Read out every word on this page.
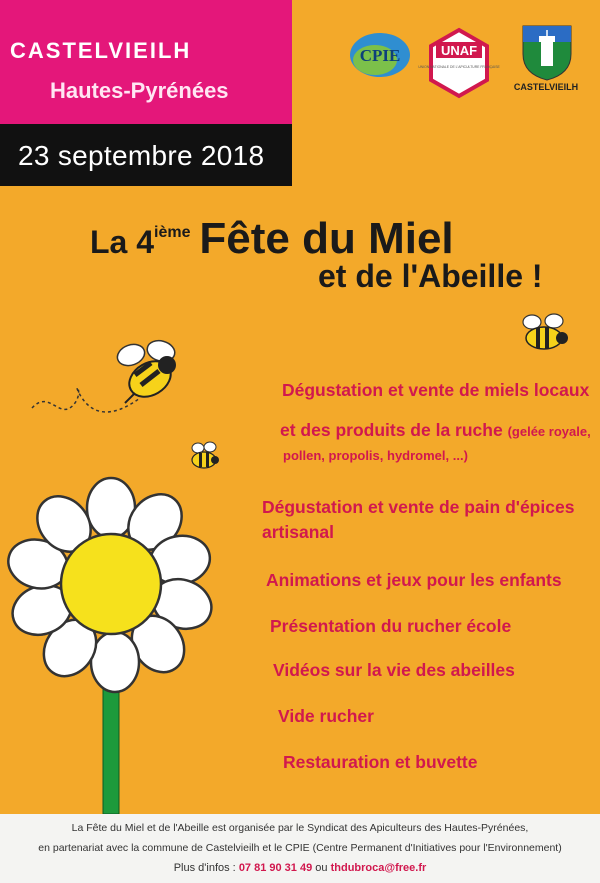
CASTELVIEILH
Hautes-Pyrénées
23 septembre 2018
CPIE	UNAF
UNION NATIONALE DE L'APICULTURE FRANÇAISE
CASTELVIEILH
La 4ième Fête du Miel
et de l'Abeille !
Dégustation et vente de miels locaux
et des produits de la ruche (gelée royale,
pollen, propolis, hydromel, ...)
Dégustation et vente de pain d'épices
artisanal
Animations et jeux pour les enfants
Présentation du rucher école
Vidéos sur la vie des abeilles
Vide rucher
Restauration et buvette
La Fête du Miel et de l'Abeille est organisée par le Syndicat des Apiculteurs des Hautes-Pyrénées,
en partenariat avec la commune de Castelvieilh et le CPIE (Centre Permanent d'Initiatives pour l'Environnement)
Plus d'infos : 07 81 90 31 49 ou thdubroca@free.fr
